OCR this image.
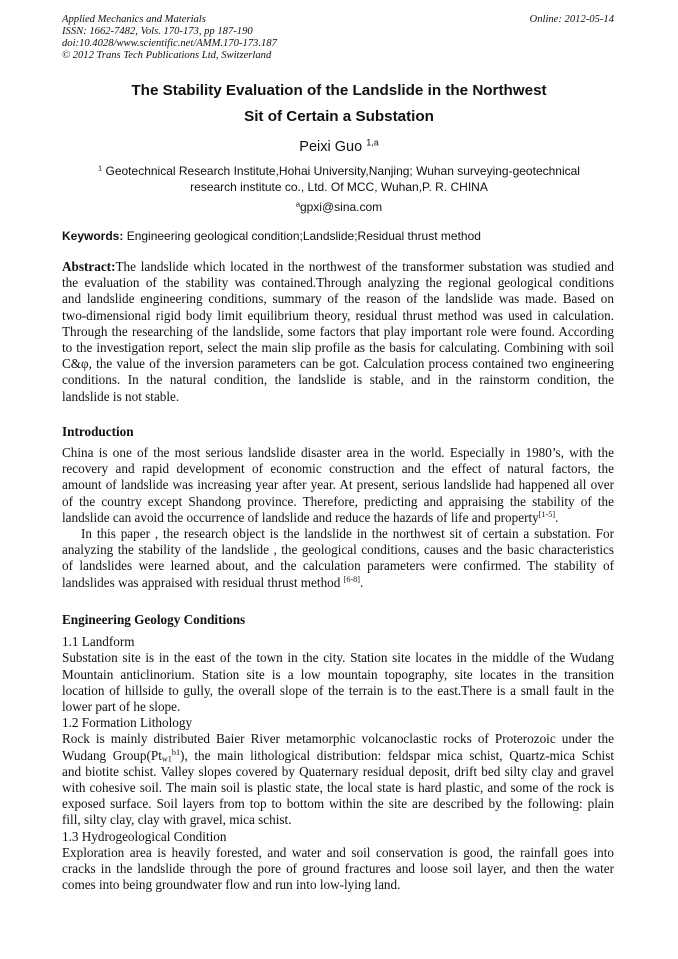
Applied Mechanics and Materials
ISSN: 1662-7482, Vols. 170-173, pp 187-190
doi:10.4028/www.scientific.net/AMM.170-173.187
© 2012 Trans Tech Publications Ltd, Switzerland
Online: 2012-05-14
The Stability Evaluation of the Landslide in the Northwest
Sit of Certain a Substation
Peixi Guo $^{1,a}$
$^1$ Geotechnical Research Institute,Hohai University,Nanjing; Wuhan surveying-geotechnical
research institute co., Ltd. Of MCC, Wuhan,P. R. CHINA
$^a$gpxi@sina.com
Keywords: Engineering geological condition;Landslide;Residual thrust method
Abstract:The landslide which located in the northwest of the transformer substation was studied and
the evaluation of the stability was contained.Through analyzing the regional geological conditions
and landslide engineering conditions, summary of the reason of the landslide was made. Based on
two-dimensional rigid body limit equilibrium theory, residual thrust method was used in calculation.
Through the researching of the landslide, some factors that play important role were found. According
to the investigation report, select the main slip profile as the basis for calculating. Combining with soil
C&φ, the value of the inversion parameters can be got. Calculation process contained two engineering
conditions. In the natural condition, the landslide is stable, and in the rainstorm condition, the
landslide is not stable.
Introduction
China is one of the most serious landslide disaster area in the world. Especially in 1980’s, with the
recovery and rapid development of economic construction and the effect of natural factors, the
amount of landslide was increasing year after year. At present, serious landslide had happened all over
of the country except Shandong province. Therefore, predicting and appraising the stability of the
landslide can avoid the occurrence of landslide and reduce the hazards of life and property[1-5].
In this paper , the research object is the landslide in the northwest sit of certain a substation. For
analyzing the stability of the landslide , the geological conditions, causes and the basic characteristics
of landslides were learned about, and the calculation parameters were confirmed. The stability of
landslides was appraised with residual thrust method [6-8].
Engineering Geology Conditions
1.1 Landform
Substation site is in the east of the town in the city. Station site locates in the middle of the Wudang
Mountain anticlinorium. Station site is a low mountain topography, site locates in the transition
location of hillside to gully, the overall slope of the terrain is to the east.There is a small fault in the
lower part of he slope.
1.2 Formation Lithology
Rock is mainly distributed Baier River metamorphic volcanoclastic rocks of Proterozoic under the
Wudang $Group(Pt_{w1}^{b1})$, the main lithological distribution: feldspar mica schist, Quartz-mica Schist
and biotite schist. Valley slopes covered by Quaternary residual deposit, drift bed silty clay and gravel
with cohesive soil. The main soil is plastic state, the local state is hard plastic, and some of the rock is
exposed surface. Soil layers from top to bottom within the site are described by the following: plain
fill, silty clay, clay with gravel, mica schist.
1.3 Hydrogeological Condition
Exploration area is heavily forested, and water and soil conservation is good, the rainfall goes into
cracks in the landslide through the pore of ground fractures and loose soil layer, and then the water
comes into being groundwater flow and run into low-lying land.
